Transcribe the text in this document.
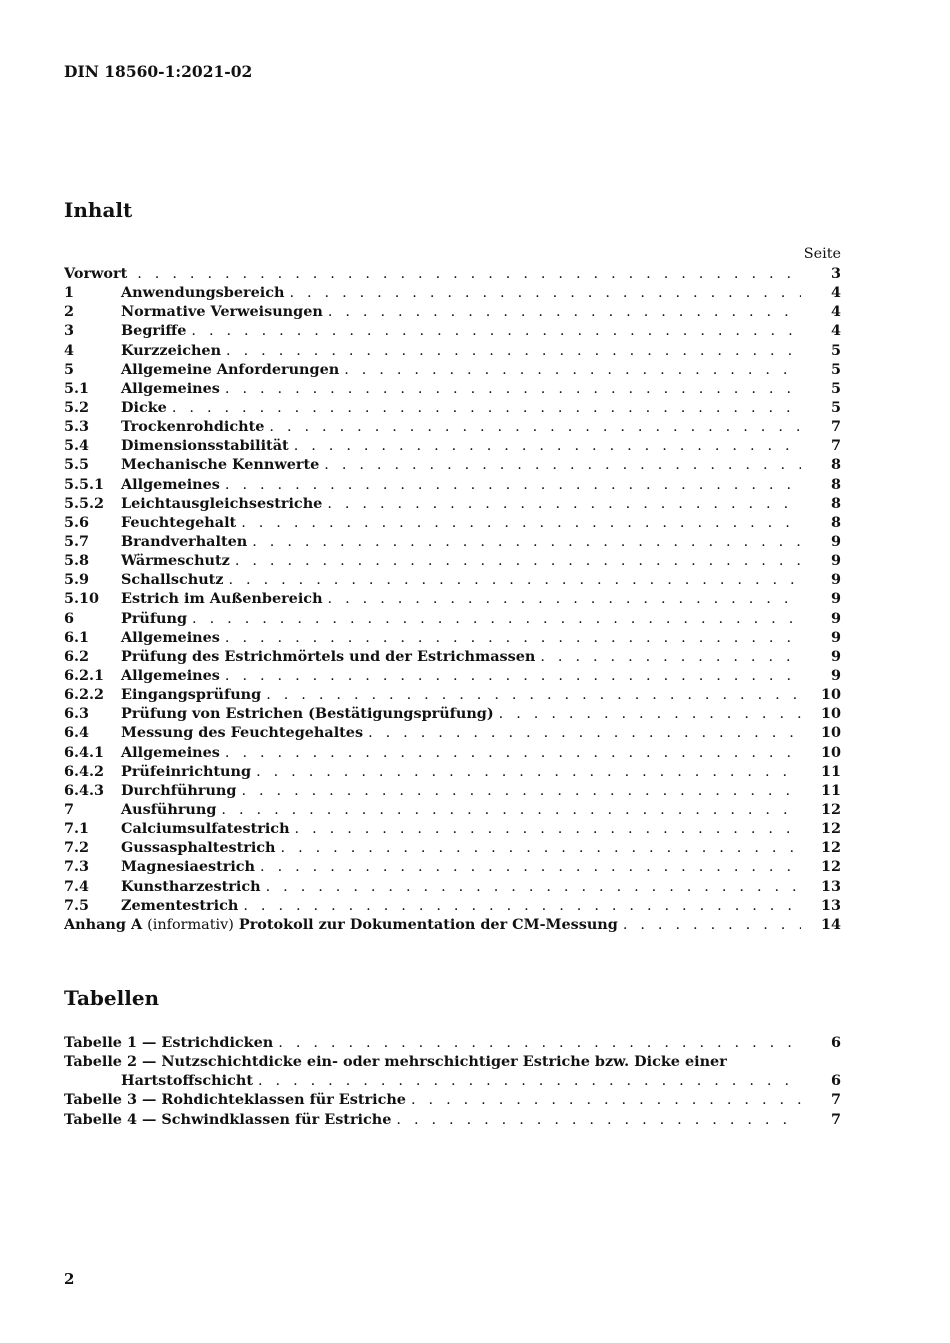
DIN 18560-1:2021-02
Inhalt
Seite
Vorwort . . .	3
1	Anwendungsbereich . . .	4
2	Normative Verweisungen . . .	4
3	Begriffe . . .	4
4	Kurzzeichen . . .	5
5	Allgemeine Anforderungen . . .	5
5.1	Allgemeines . . .	5
5.2	Dicke . . .	5
5.3	Trockenrohdichte . . .	7
5.4	Dimensionsstabilität . . .	7
5.5	Mechanische Kennwerte . . .	8
5.5.1	Allgemeines . . .	8
5.5.2	Leichtausgleichsestriche . . .	8
5.6	Feuchtegehalt . . .	8
5.7	Brandverhalten . . .	9
5.8	Wärmeschutz . . .	9
5.9	Schallschutz . . .	9
5.10	Estrich im Außenbereich . . .	9
6	Prüfung . . .	9
6.1	Allgemeines . . .	9
6.2	Prüfung des Estrichmörtels und der Estrichmassen . . .	9
6.2.1	Allgemeines . . .	9
6.2.2	Eingangsprüfung . . .	10
6.3	Prüfung von Estrichen (Bestätigungsprüfung) . . .	10
6.4	Messung des Feuchtegehaltes . . .	10
6.4.1	Allgemeines . . .	10
6.4.2	Prüfeinrichtung . . .	11
6.4.3	Durchführung . . .	11
7	Ausführung . . .	12
7.1	Calciumsulfatestrich . . .	12
7.2	Gussasphaltestrich . . .	12
7.3	Magnesiaestrich . . .	12
7.4	Kunstharzestrich . . .	13
7.5	Zementestrich . . .	13
Anhang A (informativ) Protokoll zur Dokumentation der CM-Messung . . .	14
Tabellen
Tabelle 1 — Estrichdicken . . .	6
Tabelle 2 — Nutzschichtdicke ein- oder mehrschichtiger Estriche bzw. Dicke einer
Hartstoffschicht . . .	6
Tabelle 3 — Rohdichteklassen für Estriche . . .	7
Tabelle 4 — Schwindklassen für Estriche . . .	7
2
